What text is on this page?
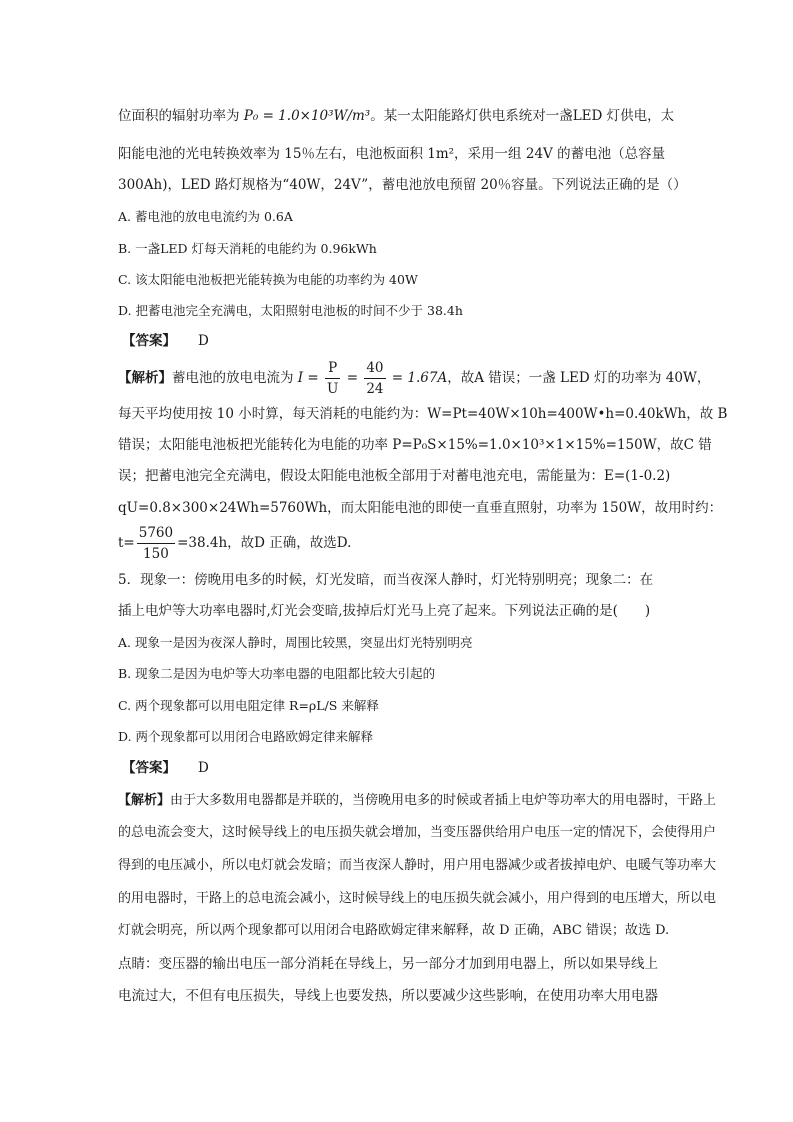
位面积的辐射功率为 P₀ = 1.0×10³W/m³。某一太阳能路灯供电系统对一盏LED 灯供电，太
阳能电池的光电转换效率为 15％左右，电池板面积 1m²，采用一组 24V 的蓄电池（总容量
300Ah)，LED 路灯规格为“40W，24V”，蓄电池放电预留 20％容量。下列说法正确的是（）
A. 蓄电池的放电电流约为 0.6A
B. 一盏LED 灯每天消耗的电能约为 0.96kWh
C. 该太阳能电池板把光能转换为电能的功率约为 40W
D. 把蓄电池完全充满电，太阳照射电池板的时间不少于 38.4h
【答案】 D
【解析】蓄电池的放电电流为 $I = \frac{P}{U} = \frac{40}{24} = 1.67A$，故A 错误；一盏 LED 灯的功率为 40W，
每天平均使用按 10 小时算，每天消耗的电能约为：W=Pt=40W×10h=400W•h=0.40kWh，故 B
错误；太阳能电池板把光能转化为电能的功率 P=P₀S×15%=1.0×10³×1×15%=150W，故C 错
误；把蓄电池完全充满电，假设太阳能电池板全部用于对蓄电池充电，需能量为：E=(1-0.2)
qU=0.8×300×24Wh=5760Wh，而太阳能电池的即使一直垂直照射，功率为 150W，故用时约：
$t= \frac{5760}{150} =38.4h$，故D 正确，故选D.
5．现象一：傍晚用电多的时候，灯光发暗，而当夜深人静时，灯光特别明亮；现象二：在
插上电炉等大功率电器时,灯光会变暗,拔掉后灯光马上亮了起来。下列说法正确的是(　　)
A. 现象一是因为夜深人静时，周围比较黑，突显出灯光特别明亮
B. 现象二是因为电炉等大功率电器的电阻都比较大引起的
C. 两个现象都可以用电阻定律 R=ρL/S 来解释
D. 两个现象都可以用闭合电路欧姆定律来解释
【答案】 D
【解析】由于大多数用电器都是并联的，当傍晚用电多的时候或者插上电炉等功率大的用电器时，干路上
的总电流会变大，这时候导线上的电压损失就会增加，当变压器供给用户电压一定的情况下，会使得用户
得到的电压减小，所以电灯就会发暗；而当夜深人静时，用户用电器减少或者拔掉电炉、电暖气等功率大
的用电器时，干路上的总电流会减小，这时候导线上的电压损失就会减小，用户得到的电压增大，所以电
灯就会明亮，所以两个现象都可以用闭合电路欧姆定律来解释，故 D 正确，ABC 错误；故选 D.
点睛：变压器的输出电压一部分消耗在导线上，另一部分才加到用电器上，所以如果导线上
电流过大，不但有电压损失，导线上也要发热，所以要减少这些影响，在使用功率大用电器
